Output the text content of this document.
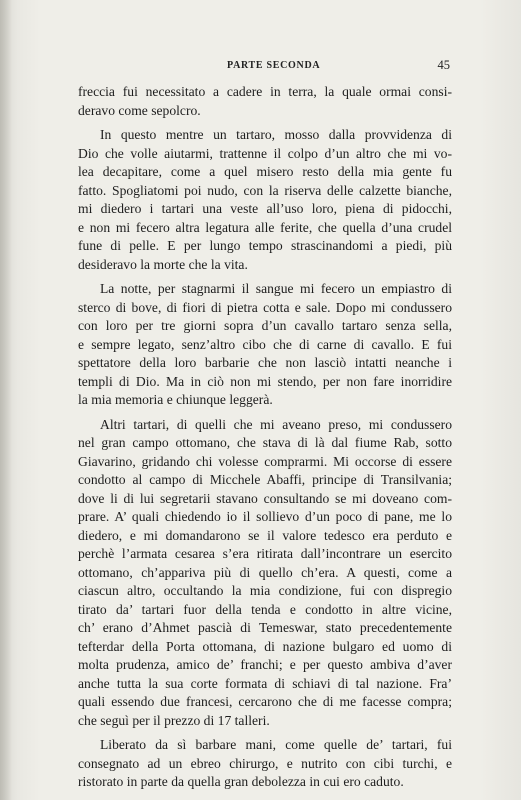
PARTE SECONDA	45
freccia fui necessitato a cadere in terra, la quale ormai consi-
deravo come sepolcro.
In questo mentre un tartaro, mosso dalla provvidenza di
Dio che volle aiutarmi, trattenne il colpo d’un altro che mi vo-
lea decapitare, come a quel misero resto della mia gente fu
fatto. Spogliatomi poi nudo, con la riserva delle calzette bianche,
mi diedero i tartari una veste all’uso loro, piena di pidocchi,
e non mi fecero altra legatura alle ferite, che quella d’una crudel
fune di pelle. E per lungo tempo strascinandomi a piedi, più
desideravo la morte che la vita.
La notte, per stagnarmi il sangue mi fecero un empiastro di
sterco di bove, di fiori di pietra cotta e sale. Dopo mi condussero
con loro per tre giorni sopra d’un cavallo tartaro senza sella,
e sempre legato, senz’altro cibo che di carne di cavallo. E fui
spettatore della loro barbarie che non lasciò intatti neanche i
templi di Dio. Ma in ciò non mi stendo, per non fare inorridire
la mia memoria e chiunque leggerà.
Altri tartari, di quelli che mi aveano preso, mi condussero
nel gran campo ottomano, che stava di là dal fiume Rab, sotto
Giavarino, gridando chi volesse comprarmi. Mi occorse di essere
condotto al campo di Micchele Abaffi, principe di Transilvania;
dove li di lui segretarii stavano consultando se mi doveano com-
prare. A’ quali chiedendo io il sollievo d’un poco di pane, me lo
diedero, e mi domandarono se il valore tedesco era perduto e
perchè l’armata cesarea s’era ritirata dall’incontrare un esercito
ottomano, ch’appariva più di quello ch’era. A questi, come a
ciascun altro, occultando la mia condizione, fui con dispregio
tirato da’ tartari fuor della tenda e condotto in altre vicine,
ch’ erano d’Ahmet pascià di Temeswar, stato precedentemente
tefterdar della Porta ottomana, di nazione bulgaro ed uomo di
molta prudenza, amico de’ franchi; e per questo ambiva d’aver
anche tutta la sua corte formata di schiavi di tal nazione. Fra’
quali essendo due francesi, cercarono che di me facesse compra;
che seguì per il prezzo di 17 talleri.
Liberato da sì barbare mani, come quelle de’ tartari, fui
consegnato ad un ebreo chirurgo, e nutrito con cibi turchi, e
ristorato in parte da quella gran debolezza in cui ero caduto.
